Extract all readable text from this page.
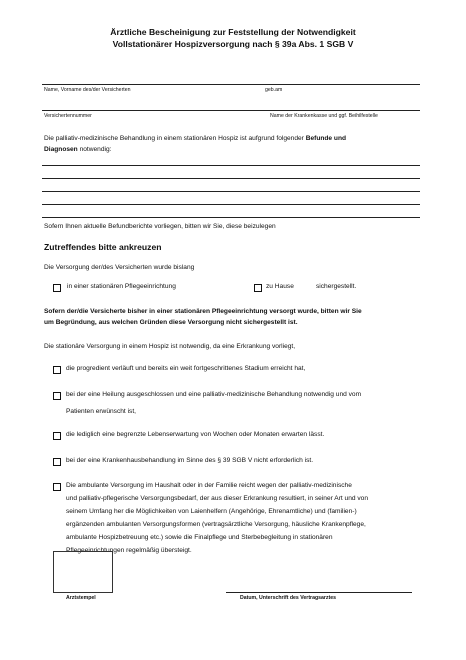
Ärztliche Bescheinigung zur Feststellung der Notwendigkeit
Vollstationärer Hospizversorgung nach § 39a Abs. 1 SGB V
Name, Vorname des/der Versicherten	geb.am
Versichertennummer	Name der Krankenkasse und ggf. Beihilfestelle
Die palliativ-medizinische Behandlung in einem stationären Hospiz ist aufgrund folgender Befunde und
Diagnosen notwendig:
Sofern Ihnen aktuelle Befundberichte vorliegen, bitten wir Sie, diese beizulegen
Zutreffendes bitte ankreuzen
Die Versorgung der/des Versicherten wurde bislang
in einer stationären Pflegeeinrichtung	zu Hause	sichergestellt.
Sofern der/die Versicherte bisher in einer stationären Pflegeeinrichtung versorgt wurde, bitten wir Sie
um Begründung, aus welchen Gründen diese Versorgung nicht sichergestellt ist.
Die stationäre Versorgung in einem Hospiz ist notwendig, da eine Erkrankung vorliegt,
die progredient verläuft und bereits ein weit fortgeschrittenes Stadium erreicht hat,
bei der eine Heilung ausgeschlossen und eine palliativ-medizinische Behandlung notwendig und vom
Patienten erwünscht ist,
die lediglich eine begrenzte Lebenserwartung von Wochen oder Monaten erwarten lässt.
bei der eine Krankenhausbehandlung im Sinne des § 39 SGB V nicht erforderlich ist.
Die ambulante Versorgung im Haushalt oder in der Familie reicht wegen der palliativ-medizinische
und palliativ-pflegerische Versorgungsbedarf, der aus dieser Erkrankung resultiert, in seiner Art und von
seinem Umfang her die Möglichkeiten von Laienhelfern (Angehörige, Ehrenamtliche) und (familien-)
ergänzenden ambulanten Versorgungsformen (vertragsärztliche Versorgung, häusliche Krankenpflege,
ambulante Hospizbetreuung etc.) sowie die Finalpflege und Sterbebegleitung in stationären
Pflegeeinrichtungen regelmäßig übersteigt.
Arztstempel	Datum, Unterschrift des Vertragsarztes
